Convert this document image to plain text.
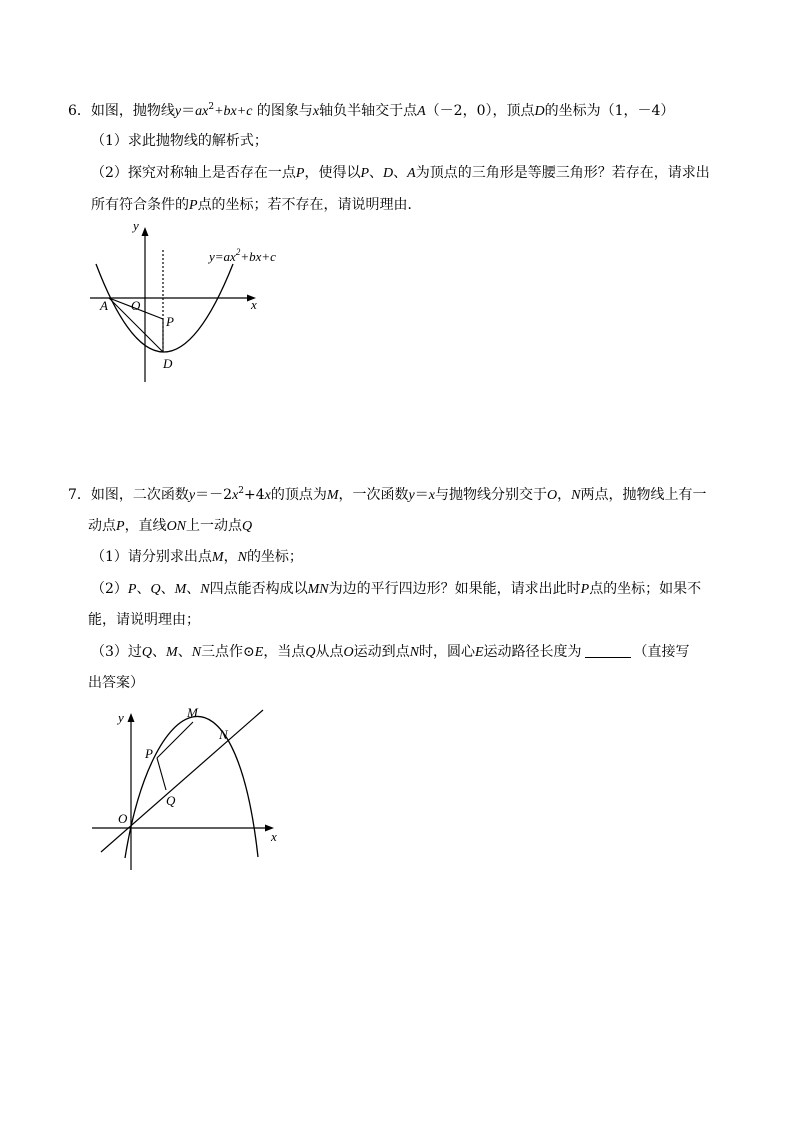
6．如图，抛物线$y=ax^2+bx+c$ 的图象与x轴负半轴交于点A（－2，0），顶点D的坐标为（1，－4）
（1）求此抛物线的解析式；
（2）探究对称轴上是否存在一点P，使得以P、D、A为顶点的三角形是等腰三角形？若存在，请求出
所有符合条件的P点的坐标；若不存在，请说明理由．
y
x
A O
P
D
$y=ax^2+bx+c$
7．如图，二次函数$y=-2x^2+4x$的顶点为M，一次函数y＝x与抛物线分别交于O，N两点，抛物线上有一
动点P，直线ON上一动点Q
（1）请分别求出点M，N的坐标；
（2）P、Q、M、N四点能否构成以MN为边的平行四边形？如果能，请求出此时P点的坐标；如果不
能，请说明理由；
（3）过Q、M、N三点作⊙E，当点Q从点O运动到点N时，圆心E运动路径长度为	（直接写
出答案）
y
x
M
N
P
Q
O
